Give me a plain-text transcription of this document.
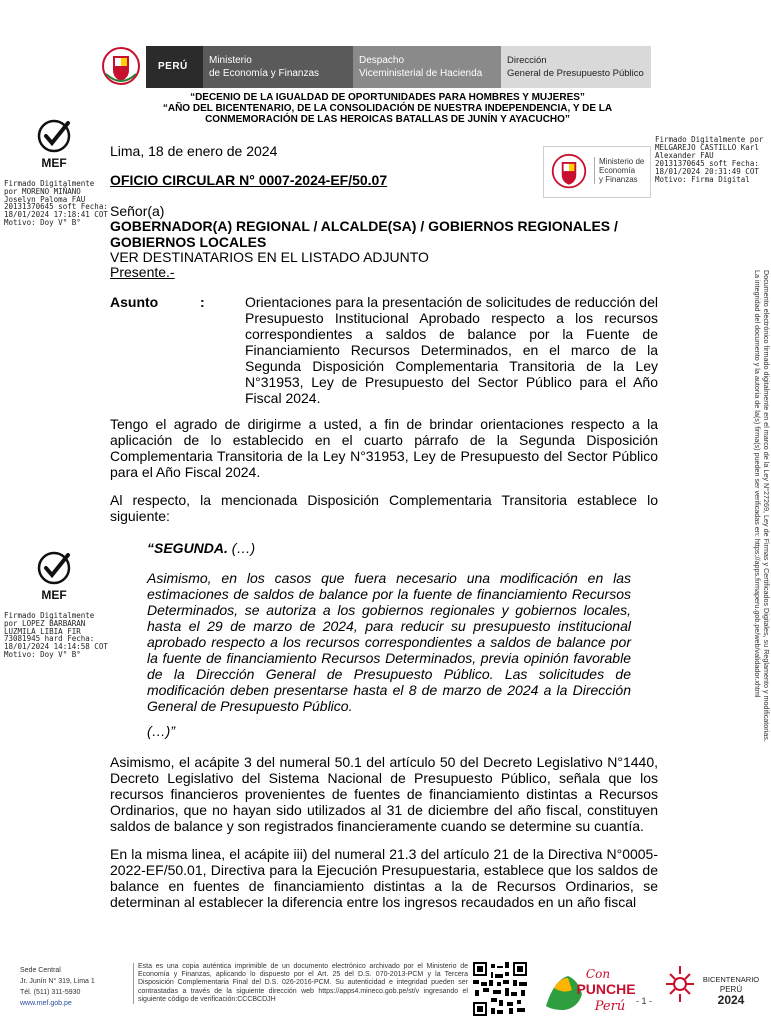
PERÚ
Ministerio
de Economía y Finanzas
Despacho
Viceministerial de Hacienda
Dirección
General de Presupuesto Público
“DECENIO DE LA IGUALDAD DE OPORTUNIDADES PARA HOMBRES Y MUJERES”
“AÑO DEL BICENTENARIO, DE LA CONSOLIDACIÓN DE NUESTRA INDEPENDENCIA, Y DE LA
CONMEMORACIÓN DE LAS HEROICAS BATALLAS DE JUNÍN Y AYACUCHO”
MEF
Firmado Digitalmente por MORENO MIÑANO Joselyn Paloma FAU 20131370645 soft Fecha: 18/01/2024 17:18:41 COT Motivo: Doy V° B°
MEF
Firmado Digitalmente por LOPEZ BARBARAN LUZMILA LIBIA FIR 73081945 hard Fecha: 18/01/2024 14:14:58 COT Motivo: Doy V° B°
Ministerio de
Economía
y Finanzas
Firmado Digitalmente por MELGAREJO CASTILLO Karl Alexander FAU 20131370645 soft Fecha: 18/01/2024 20:31:49 COT Motivo: Firma Digital
Documento electrónico firmado digitalmente en el marco de la Ley N°27269, Ley de Firmas y Certificados Digitales, su Reglamento y modificatorias.
La integridad del documento y la autoría de la(s) firma(s) pueden ser verificadas en: https://apps.firmaperu.gob.pe/web/validador.xhtml
Lima, 18 de enero de 2024
OFICIO CIRCULAR N° 0007-2024-EF/50.07
Señor(a)
GOBERNADOR(A) REGIONAL / ALCALDE(SA) / GOBIERNOS REGIONALES /
GOBIERNOS LOCALES
VER DESTINATARIOS EN EL LISTADO ADJUNTO
Presente.-
Asunto	:	Orientaciones para la presentación de solicitudes de reducción del Presupuesto Institucional Aprobado respecto a los recursos correspondientes a saldos de balance por la Fuente de Financiamiento Recursos Determinados, en el marco de la Segunda Disposición Complementaria Transitoria de la Ley N°31953, Ley de Presupuesto del Sector Público para el Año Fiscal 2024.
Tengo el agrado de dirigirme a usted, a fin de brindar orientaciones respecto a la aplicación de lo establecido en el cuarto párrafo de la Segunda Disposición Complementaria Transitoria de la Ley N°31953, Ley de Presupuesto del Sector Público para el Año Fiscal 2024.
Al respecto, la mencionada Disposición Complementaria Transitoria establece lo siguiente:
“SEGUNDA. (…)
Asimismo, en los casos que fuera necesario una modificación en las estimaciones de saldos de balance por la fuente de financiamiento Recursos Determinados, se autoriza a los gobiernos regionales y gobiernos locales, hasta el 29 de marzo de 2024, para reducir su presupuesto institucional aprobado respecto a los recursos correspondientes a saldos de balance por la fuente de financiamiento Recursos Determinados, previa opinión favorable de la Dirección General de Presupuesto Público. Las solicitudes de modificación deben presentarse hasta el 8 de marzo de 2024 a la Dirección General de Presupuesto Público.
(…)”
Asimismo, el acápite 3 del numeral 50.1 del artículo 50 del Decreto Legislativo N°1440, Decreto Legislativo del Sistema Nacional de Presupuesto Público, señala que los recursos financieros provenientes de fuentes de financiamiento distintas a Recursos Ordinarios, que no hayan sido utilizados al 31 de diciembre del año fiscal, constituyen saldos de balance y son registrados financieramente cuando se determine su cuantía.
En la misma linea, el acápite iii) del numeral 21.3 del artículo 21 de la Directiva N°0005-2022-EF/50.01, Directiva para la Ejecución Presupuestaria, establece que los saldos de balance en fuentes de financiamiento distintas a la de Recursos Ordinarios, se determinan al establecer la diferencia entre los ingresos recaudados en un año fiscal
Sede Central
Jr. Junín N° 319, Lima 1
Tél. (511) 311-5930
www.mef.gob.pe
Esta es una copia auténtica imprimible de un documento electrónico archivado por el Ministerio de Economía y Finanzas, aplicando lo dispuesto por el Art. 25 del D.S. 070-2013-PCM y la Tercera Disposición Complementaria Final del D.S. 026-2016-PCM. Su autenticidad e integridad pueden ser contrastadas a través de la siguiente dirección web https://apps4.mineco.gob.pe/st/v ingresando el siguiente código de verificación:CCCBCDJH
Con
PUNCHE
Perú
BICENTENARIO
PERÚ
2024
- 1 -
